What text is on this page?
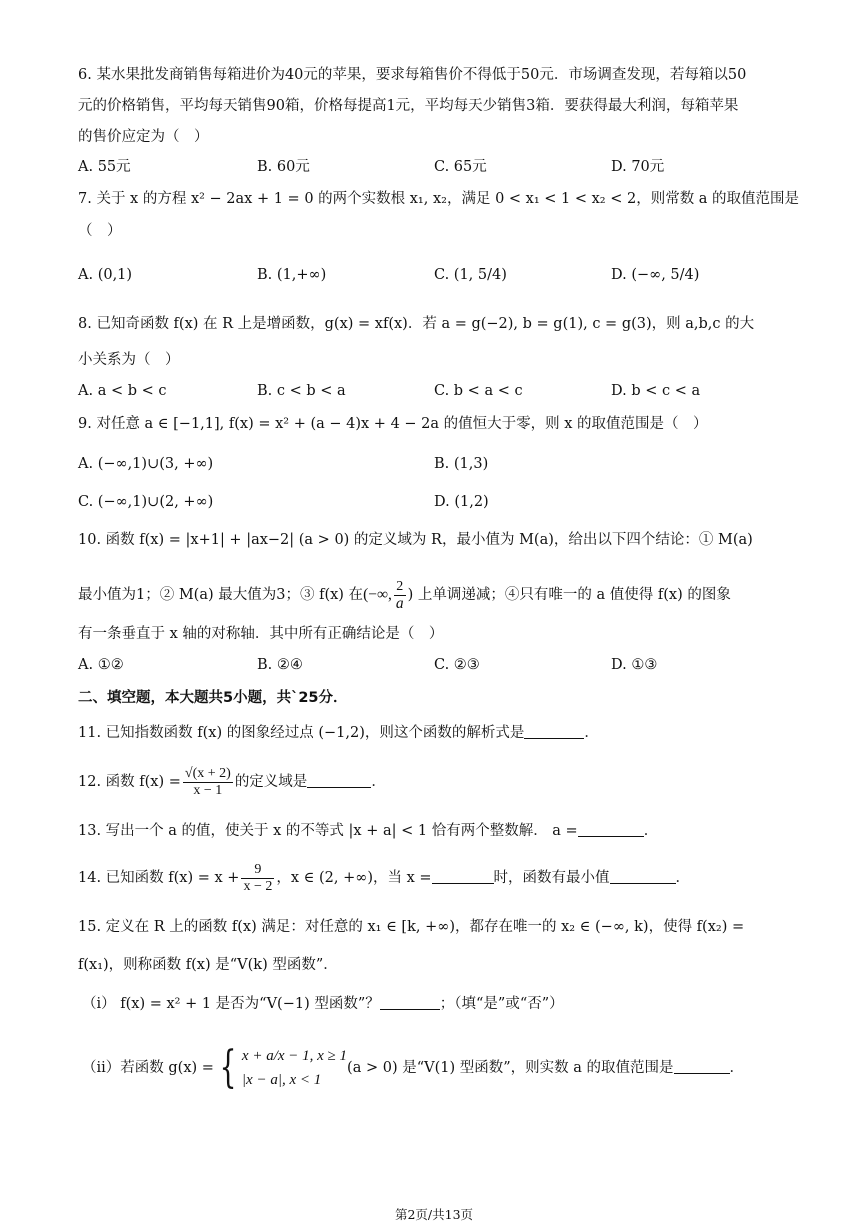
6. 某水果批发商销售每箱进价为40元的苹果，要求每箱售价不得低于50元．市场调查发现，若每箱以50
元的价格销售，平均每天销售90箱，价格每提高1元，平均每天少销售3箱．要获得最大利润，每箱苹果
的售价应定为（　）
A. 55元	B. 60元	C. 65元	D. 70元
7. 关于 x 的方程 x² − 2ax + 1 = 0 的两个实数根 x₁, x₂，满足 0 < x₁ < 1 < x₂ < 2，则常数 a 的取值范围是
（　）
A. (0,1)	B. (1,+∞)	C. (1, 5/4)	D. (−∞, 5/4)
8. 已知奇函数 f(x) 在 R 上是增函数，g(x) = xf(x)．若 a = g(−2), b = g(1), c = g(3)，则 a,b,c 的大
小关系为（　）
A. a < b < c	B. c < b < a	C. b < a < c	D. b < c < a
9. 对任意 a ∈ [−1,1], f(x) = x² + (a − 4)x + 4 − 2a 的值恒大于零，则 x 的取值范围是（　）
A. (−∞,1)∪(3, +∞)	B. (1,3)
C. (−∞,1)∪(2, +∞)	D. (1,2)
10. 函数 f(x) = |x+1| + |ax−2| (a > 0) 的定义域为 R，最小值为 M(a)，给出以下四个结论：① M(a)
最小值为1；② M(a) 最大值为3；③ f(x) 在(−∞, $\frac{2}{a}$ ) 上单调递减；④只有唯一的 a 值使得 f(x) 的图象
有一条垂直于 x 轴的对称轴．其中所有正确结论是（　）
A. ①②	B. ②④	C. ②③	D. ①③
二、填空题，本大题共5小题，共`25分．
11. 已知指数函数 f(x) 的图象经过点 (−1,2)，则这个函数的解析式是	．
12. 函数 $f(x) = \frac{√(x + 2)}{x - 1}$ 的定义域是	．
13. 写出一个 a 的值，使关于 x 的不等式 |x + a| < 1 恰有两个整数解． a =	．
14. 已知函数 $f(x) = x + \frac{9}{x - 2}$ ，x ∈ (2, +∞)，当 x =	时，函数有最小值	．
15. 定义在 R 上的函数 f(x) 满足：对任意的 x₁ ∈ [k, +∞)，都存在唯一的 x₂ ∈ (−∞, k)，使得 f(x₂) =
f(x₁)，则称函数 f(x) 是“V(k) 型函数”．
（i） f(x) = x² + 1 是否为“V(−1) 型函数”？	；（填“是”或“否”）
（ii）若函数 g(x) = { x + a/x − 1, x ≥ 1
|x − a|, x < 1
(a > 0) 是“V(1) 型函数”，则实数 a 的取值范围是	．
第2页/共13页
